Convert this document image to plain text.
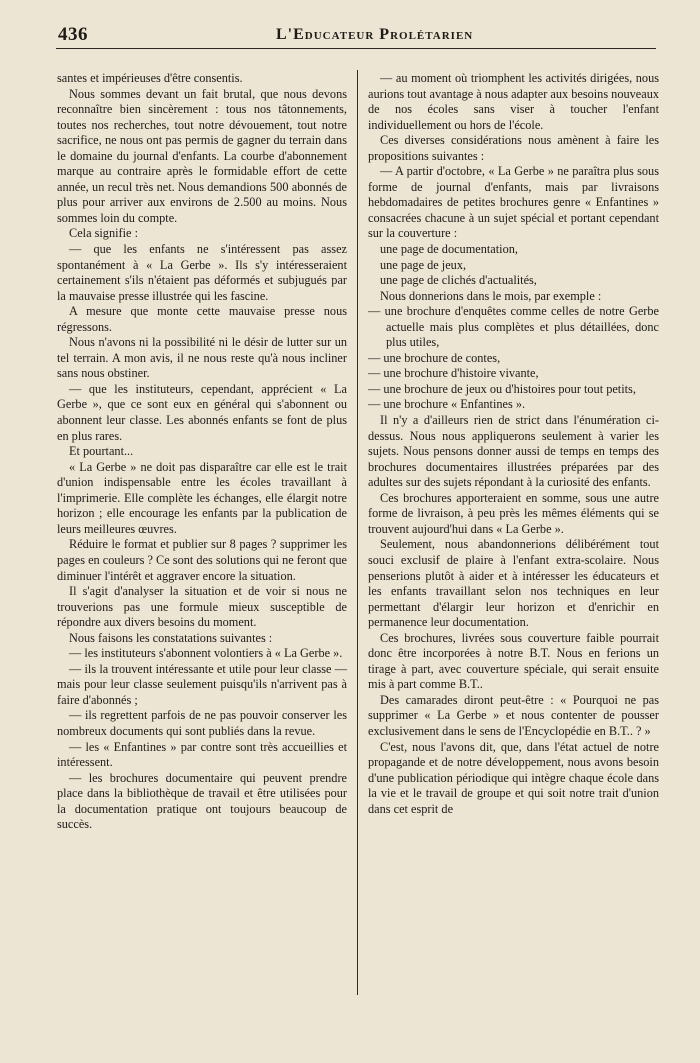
436	L'Educateur Prolétarien

santes et impérieuses d'être consentis.

Nous sommes devant un fait brutal, que nous devons reconnaître bien sincèrement : tous nos tâtonnements, toutes nos recherches, tout notre dévouement, tout notre sacrifice, ne nous ont pas permis de gagner du terrain dans le domaine du journal d'enfants. La courbe d'abonnement marque au contraire après le formidable effort de cette année, un recul très net. Nous demandions 500 abonnés de plus pour arriver aux environs de 2.500 au moins. Nous sommes loin du compte.

Cela signifie :

— que les enfants ne s'intéressent pas assez spontanément à « La Gerbe ». Ils s'y intéresseraient certainement s'ils n'étaient pas déformés et subjugués par la mauvaise presse illustrée qui les fascine.

A mesure que monte cette mauvaise presse nous régressons.

Nous n'avons ni la possibilité ni le désir de lutter sur un tel terrain. A mon avis, il ne nous reste qu'à nous incliner sans nous obstiner.

— que les instituteurs, cependant, apprécient « La Gerbe », que ce sont eux en général qui s'abonnent ou abonnent leur classe. Les abonnés enfants se font de plus en plus rares.

Et pourtant...

« La Gerbe » ne doit pas disparaître car elle est le trait d'union indispensable entre les écoles travaillant à l'imprimerie. Elle complète les échanges, elle élargit notre horizon ; elle encourage les enfants par la publication de leurs meilleures œuvres.

Réduire le format et publier sur 8 pages ? supprimer les pages en couleurs ? Ce sont des solutions qui ne feront que diminuer l'intérêt et aggraver encore la situation.

Il s'agit d'analyser la situation et de voir si nous ne trouverions pas une formule mieux susceptible de répondre aux divers besoins du moment.

Nous faisons les constatations suivantes :

— les instituteurs s'abonnent volontiers à « La Gerbe ».

— ils la trouvent intéressante et utile pour leur classe — mais pour leur classe seulement puisqu'ils n'arrivent pas à faire d'abonnés ;

— ils regrettent parfois de ne pas pouvoir conserver les nombreux documents qui sont publiés dans la revue.

— les « Enfantines » par contre sont très accueillies et intéressent.

— les brochures documentaire qui peuvent prendre place dans la bibliothèque de travail et être utilisées pour la documentation pratique ont toujours beaucoup de succès.

— au moment où triomphent les activités dirigées, nous aurions tout avantage à nous adapter aux besoins nouveaux de nos écoles sans viser à toucher l'enfant individuellement ou hors de l'école.

Ces diverses considérations nous amènent à faire les propositions suivantes :

— A partir d'octobre, « La Gerbe » ne paraîtra plus sous forme de journal d'enfants, mais par livraisons hebdomadaires de petites brochures genre « Enfantines » consacrées chacune à un sujet spécial et portant cependant sur la couverture :

une page de documentation,

une page de jeux,

une page de clichés d'actualités,

Nous donnerions dans le mois, par exemple :

— une brochure d'enquêtes comme celles de notre Gerbe actuelle mais plus complètes et plus détaillées, donc plus utiles,

— une brochure de contes,

— une brochure d'histoire vivante,

— une brochure de jeux ou d'histoires pour tout petits,

— une brochure « Enfantines ».

Il n'y a d'ailleurs rien de strict dans l'énumération ci-dessus. Nous nous appliquerons seulement à varier les sujets. Nous pensons donner aussi de temps en temps des brochures documentaires illustrées préparées par des adultes sur des sujets répondant à la curiosité des enfants.

Ces brochures apporteraient en somme, sous une autre forme de livraison, à peu près les mêmes éléments qui se trouvent aujourd'hui dans « La Gerbe ».

Seulement, nous abandonnerions délibérément tout souci exclusif de plaire à l'enfant extra-scolaire. Nous penserions plutôt à aider et à intéresser les éducateurs et les enfants travaillant selon nos techniques en leur permettant d'élargir leur horizon et d'enrichir en permanence leur documentation.

Ces brochures, livrées sous couverture faible pourrait donc être incorporées à notre B.T. Nous en ferions un tirage à part, avec couverture spéciale, qui serait ensuite mis à part comme B.T..

Des camarades diront peut-être : « Pourquoi ne pas supprimer « La Gerbe » et nous contenter de pousser exclusivement dans le sens de l'Encyclopédie en B.T.. ? »

C'est, nous l'avons dit, que, dans l'état actuel de notre propagande et de notre développement, nous avons besoin d'une publication périodique qui intègre chaque école dans la vie et le travail de groupe et qui soit notre trait d'union dans cet esprit de
